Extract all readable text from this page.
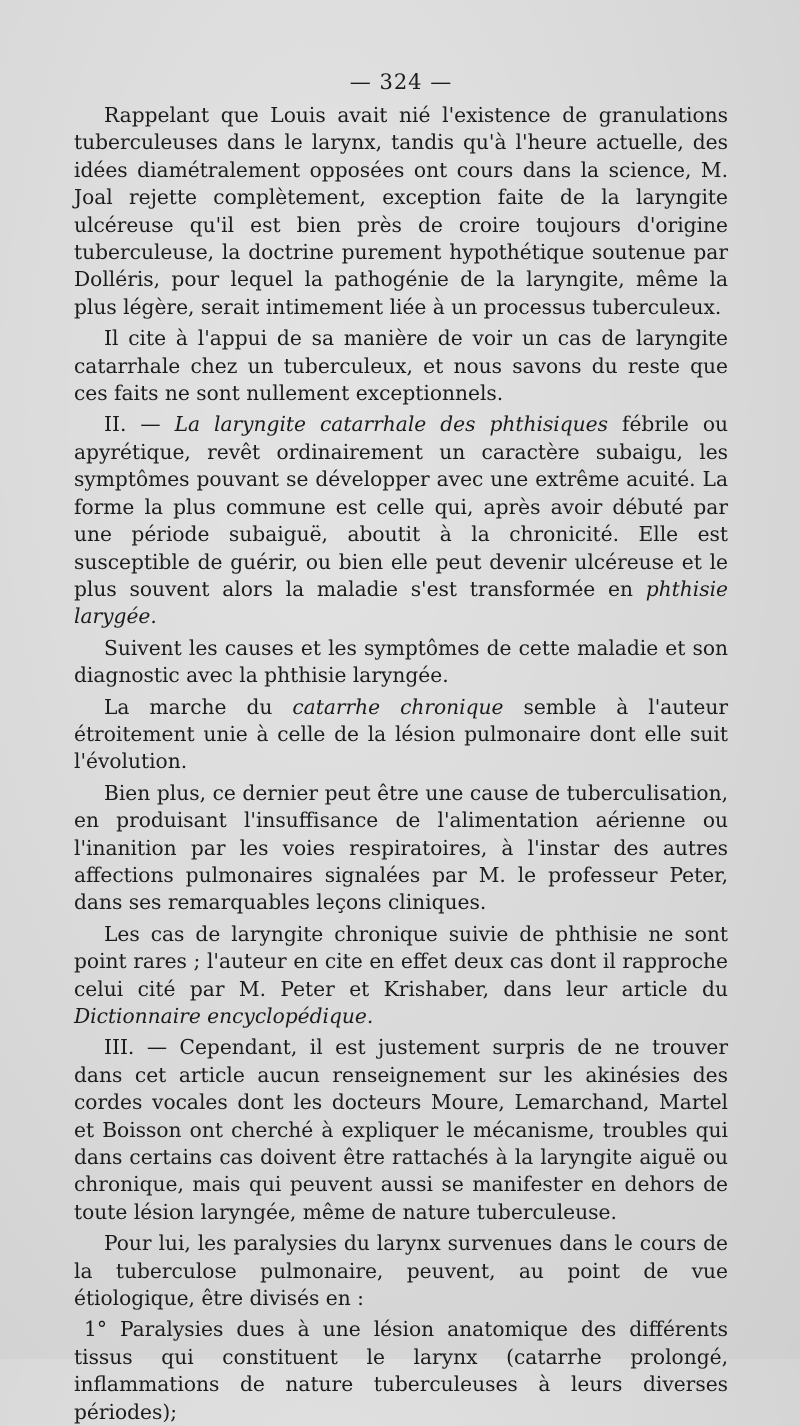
— 324 —

Rappelant que Louis avait nié l'existence de granulations tuberculeuses dans le larynx, tandis qu'à l'heure actuelle, des idées diamétralement opposées ont cours dans la science, M. Joal rejette complètement, exception faite de la laryngite ulcéreuse qu'il est bien près de croire toujours d'origine tuberculeuse, la doctrine purement hypothétique soutenue par Dolléris, pour lequel la pathogénie de la laryngite, même la plus légère, serait intimement liée à un processus tuberculeux.

Il cite à l'appui de sa manière de voir un cas de laryngite catarrhale chez un tuberculeux, et nous savons du reste que ces faits ne sont nullement exceptionnels.

II. — La laryngite catarrhale des phthisiques fébrile ou apyrétique, revêt ordinairement un caractère subaigu, les symptômes pouvant se développer avec une extrême acuité. La forme la plus commune est celle qui, après avoir débuté par une période subaiguë, aboutit à la chronicité. Elle est susceptible de guérir, ou bien elle peut devenir ulcéreuse et le plus souvent alors la maladie s'est transformée en phthisie larygée.

Suivent les causes et les symptômes de cette maladie et son diagnostic avec la phthisie laryngée.

La marche du catarrhe chronique semble à l'auteur étroitement unie à celle de la lésion pulmonaire dont elle suit l'évolution.

Bien plus, ce dernier peut être une cause de tuberculisation, en produisant l'insuffisance de l'alimentation aérienne ou l'inanition par les voies respiratoires, à l'instar des autres affections pulmonaires signalées par M. le professeur Peter, dans ses remarquables leçons cliniques.

Les cas de laryngite chronique suivie de phthisie ne sont point rares ; l'auteur en cite en effet deux cas dont il rapproche celui cité par M. Peter et Krishaber, dans leur article du Dictionnaire encyclopédique.

III. — Cependant, il est justement surpris de ne trouver dans cet article aucun renseignement sur les akinésies des cordes vocales dont les docteurs Moure, Lemarchand, Martel et Boisson ont cherché à expliquer le mécanisme, troubles qui dans certains cas doivent être rattachés à la laryngite aiguë ou chronique, mais qui peuvent aussi se manifester en dehors de toute lésion laryngée, même de nature tuberculeuse.

Pour lui, les paralysies du larynx survenues dans le cours de la tuberculose pulmonaire, peuvent, au point de vue étiologique, être divisés en :

1° Paralysies dues à une lésion anatomique des différents tissus qui constituent le larynx (catarrhe prolongé, inflammations de nature tuberculeuses à leurs diverses périodes);
